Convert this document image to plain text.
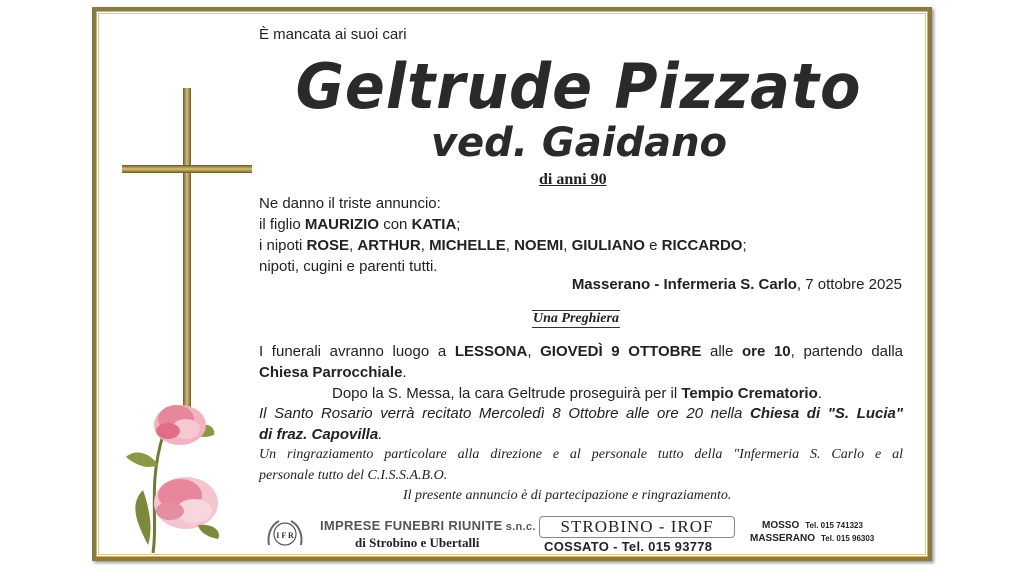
È mancata ai suoi cari
Geltrude Pizzato
ved. Gaidano
di anni 90
Ne danno il triste annuncio:
il figlio MAURIZIO con KATIA;
i nipoti ROSE, ARTHUR, MICHELLE, NOEMI, GIULIANO e RICCARDO;
nipoti, cugini e parenti tutti.
Masserano - Infermeria S. Carlo, 7 ottobre 2025
Una Preghiera
I funerali avranno luogo a LESSONA, GIOVEDÌ 9 OTTOBRE alle ore 10, partendo dalla
Chiesa Parrocchiale.
Dopo la S. Messa, la cara Geltrude proseguirà per il Tempio Crematorio.
Il Santo Rosario verrà recitato Mercoledì 8 Ottobre alle ore 20 nella Chiesa di "S. Lucia"
di fraz. Capovilla.
Un ringraziamento particolare alla direzione e al personale tutto della "Infermeria S. Carlo e al
personale tutto del C.I.S.S.A.B.O.
Il presente annuncio è di partecipazione e ringraziamento.
I F R
IMPRESE FUNEBRI RIUNITE s.n.c.
di Strobino e Ubertalli
STROBINO - IROF
COSSATO - Tel. 015 93778
MOSSO Tel. 015 741323
MASSERANO Tel. 015 96303
